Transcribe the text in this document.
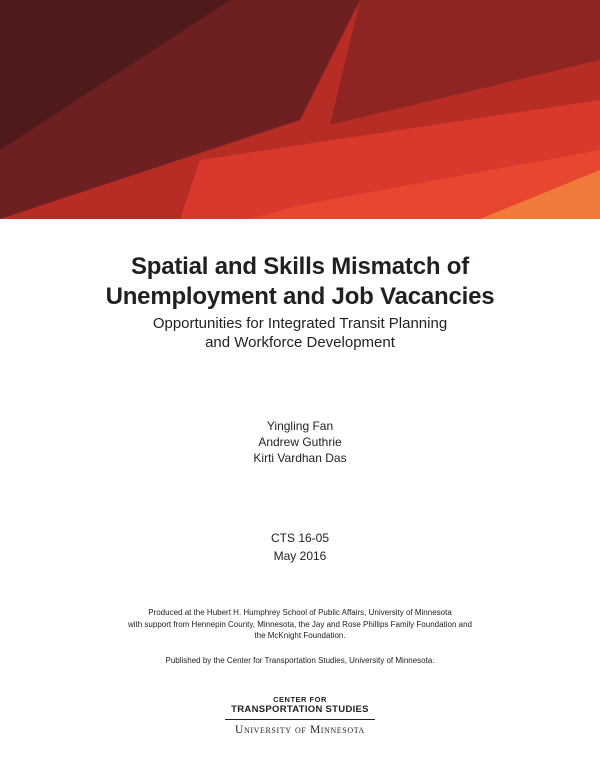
Spatial and Skills Mismatch of
Unemployment and Job Vacancies
Opportunities for Integrated Transit Planning
and Workforce Development
Yingling Fan
Andrew Guthrie
Kirti Vardhan Das
CTS 16-05
May 2016
Produced at the Hubert H. Humphrey School of Public Affairs, University of Minnesota
with support from Hennepin County, Minnesota, the Jay and Rose Phillips Family Foundation and
the McKnight Foundation.
Published by the Center for Transportation Studies, University of Minnesota.
CENTER FOR
TRANSPORTATION STUDIES
University of Minnesota
